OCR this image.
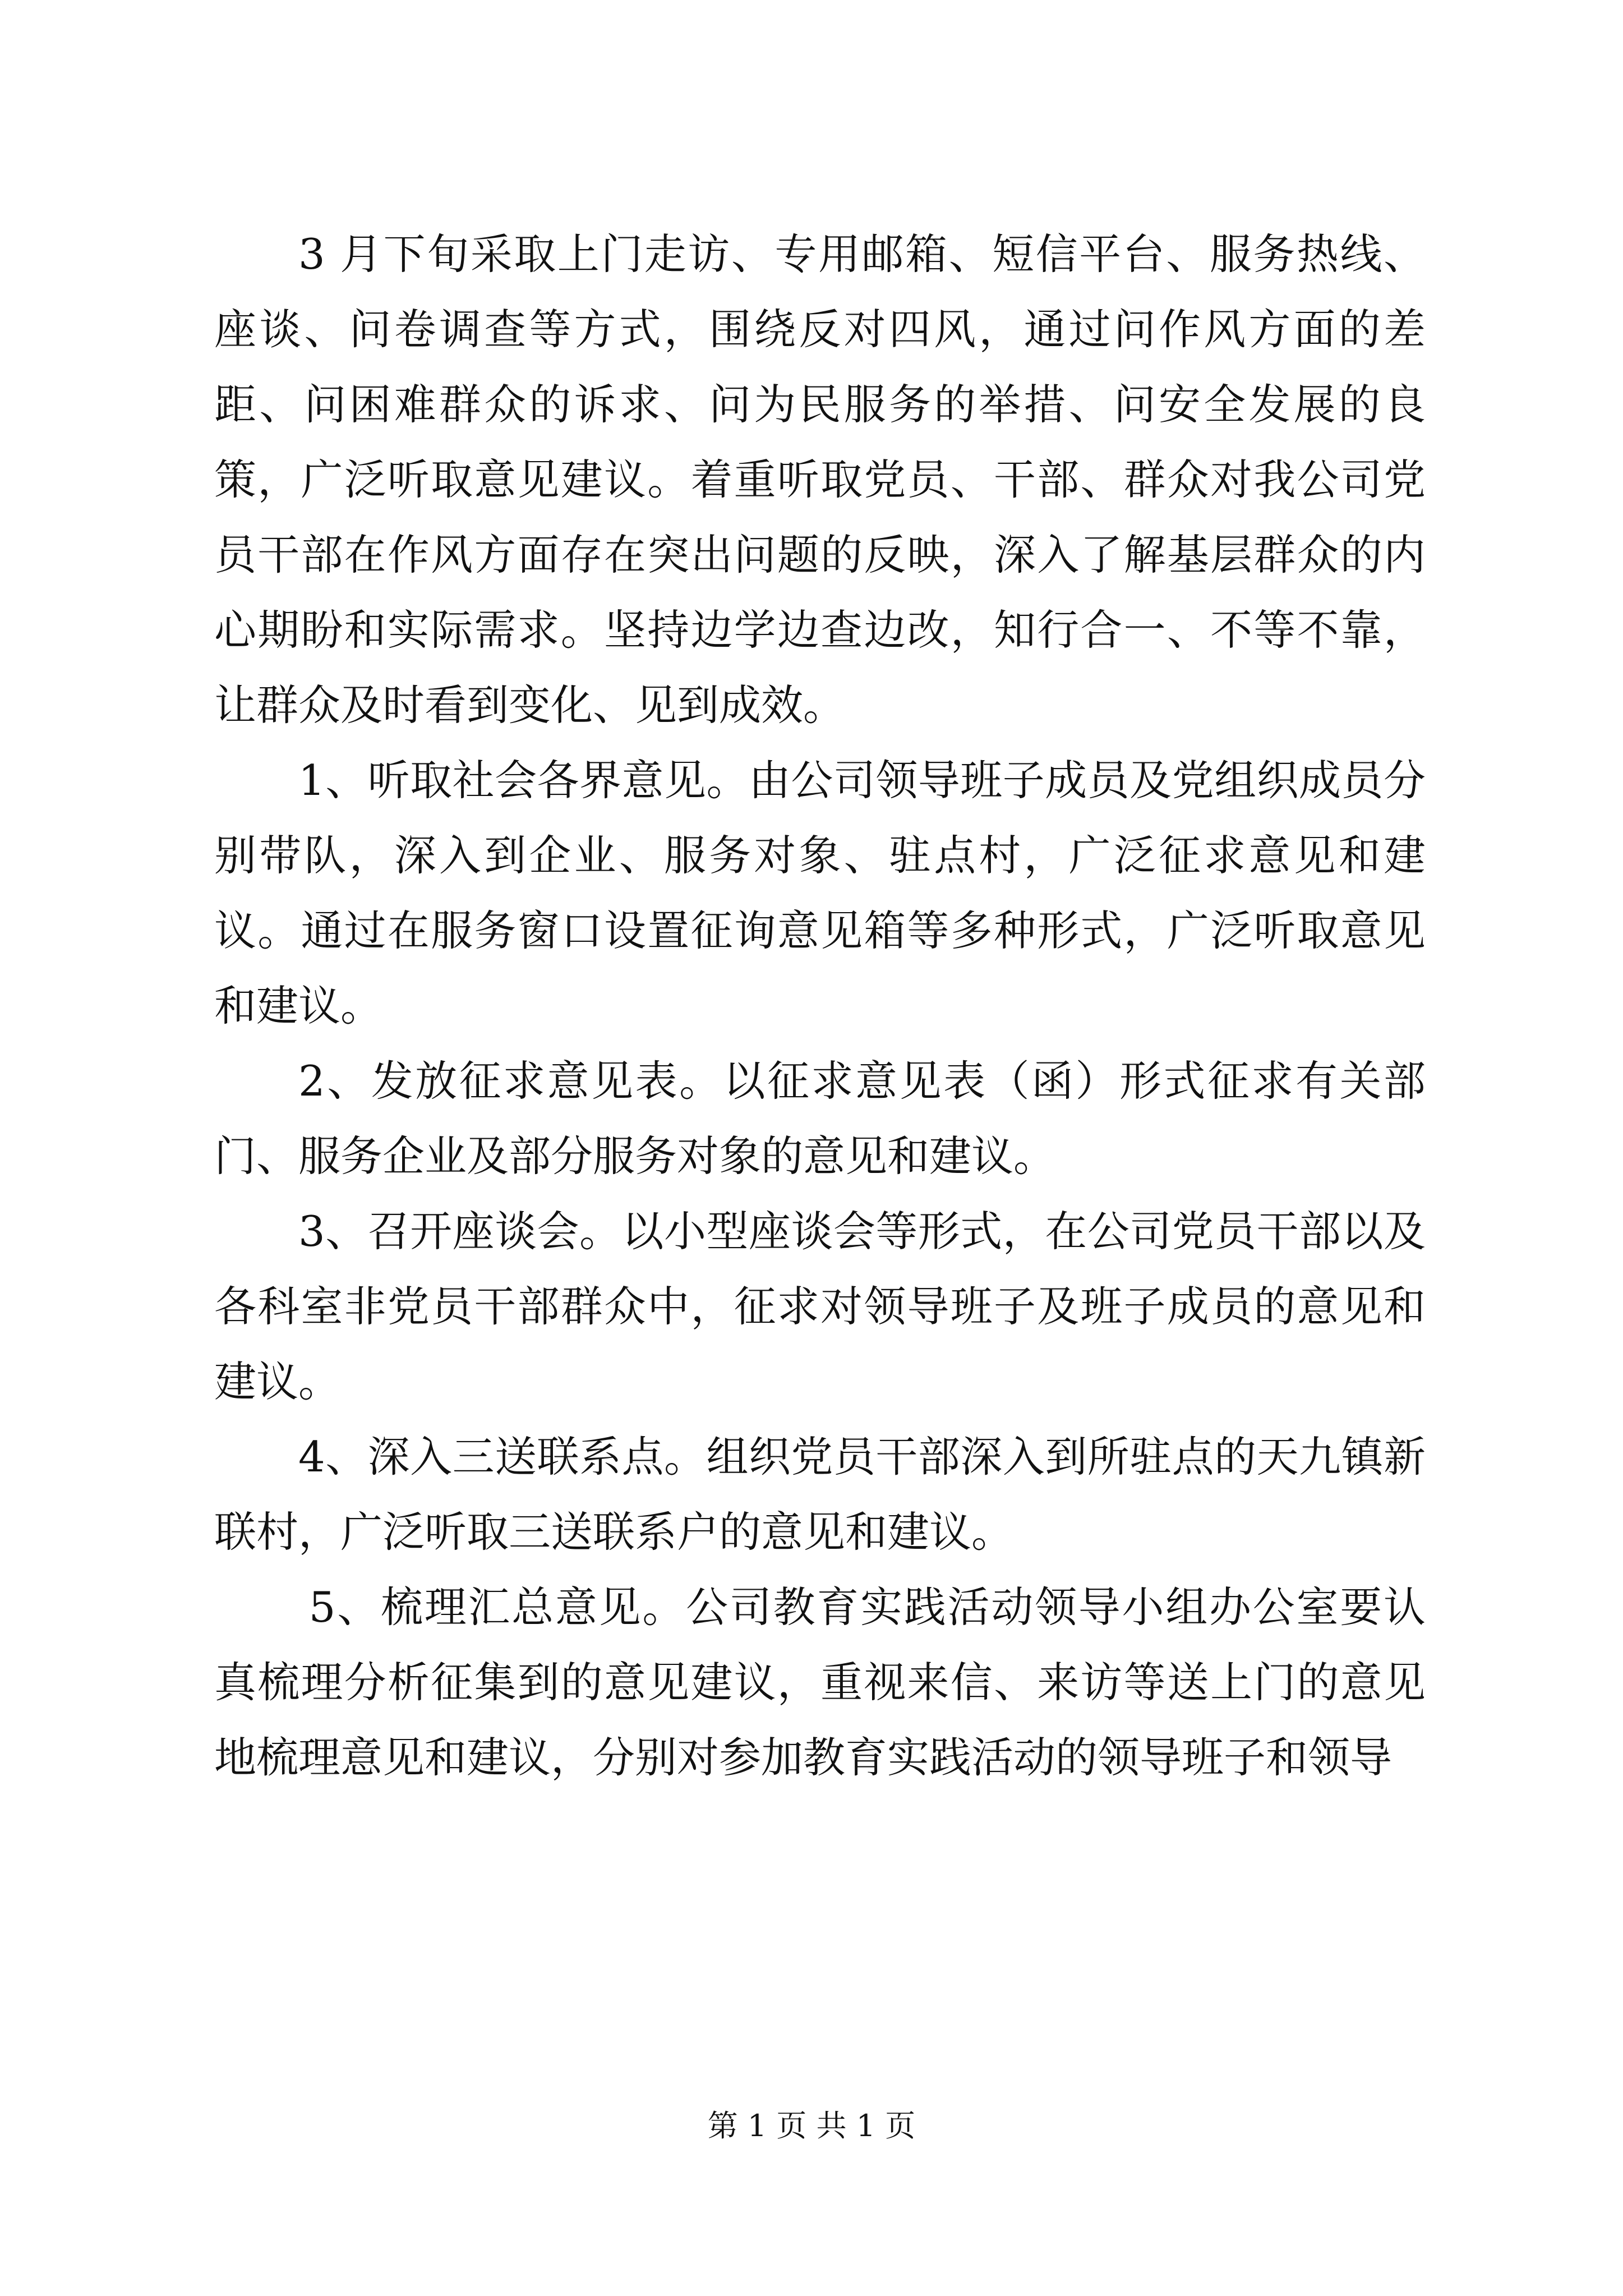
3 月下旬采取上门走访、专用邮箱、短信平台、服务热线、座谈、问卷调查等方式，围绕反对四风，通过问作风方面的差距、问困难群众的诉求、问为民服务的举措、问安全发展的良策，广泛听取意见建议。着重听取党员、干部、群众对我公司党员干部在作风方面存在突出问题的反映，深入了解基层群众的内心期盼和实际需求。坚持边学边查边改，知行合一、不等不靠，让群众及时看到变化、见到成效。

1、听取社会各界意见。由公司领导班子成员及党组织成员分别带队，深入到企业、服务对象、驻点村，广泛征求意见和建议。通过在服务窗口设置征询意见箱等多种形式，广泛听取意见和建议。

2、发放征求意见表。以征求意见表（函）形式征求有关部门、服务企业及部分服务对象的意见和建议。

3、召开座谈会。以小型座谈会等形式，在公司党员干部以及各科室非党员干部群众中，征求对领导班子及班子成员的意见和建议。

4、深入三送联系点。组织党员干部深入到所驻点的天九镇新联村，广泛听取三送联系户的意见和建议。

5、梳理汇总意见。公司教育实践活动领导小组办公室要认真梳理分析征集到的意见建议，重视来信、来访等送上门的意见地梳理意见和建议，分别对参加教育实践活动的领导班子和领导

第 1 页 共 1 页
